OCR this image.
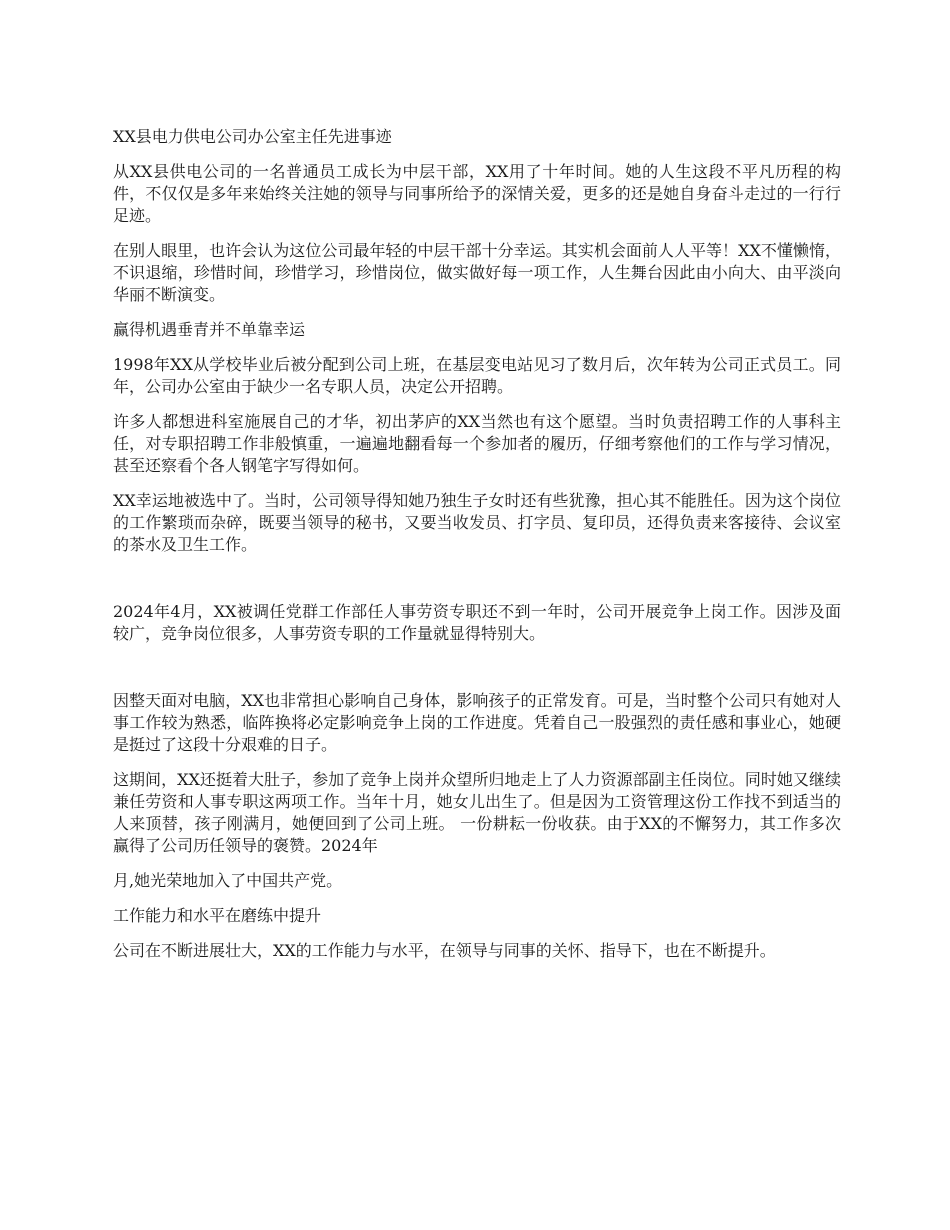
XX县电力供电公司办公室主任先进事迹

从XX县供电公司的一名普通员工成长为中层干部，XX用了十年时间。她的人生这段不平凡历程的构件，不仅仅是多年来始终关注她的领导与同事所给予的深情关爱，更多的还是她自身奋斗走过的一行行足迹。

在别人眼里，也许会认为这位公司最年轻的中层干部十分幸运。其实机会面前人人平等！XX不懂懒惰，不识退缩，珍惜时间，珍惜学习，珍惜岗位，做实做好每一项工作，人生舞台因此由小向大、由平淡向华丽不断演变。

赢得机遇垂青并不单靠幸运

1998年XX从学校毕业后被分配到公司上班，在基层变电站见习了数月后，次年转为公司正式员工。同年，公司办公室由于缺少一名专职人员，决定公开招聘。

许多人都想进科室施展自己的才华，初出茅庐的XX当然也有这个愿望。当时负责招聘工作的人事科主任，对专职招聘工作非般慎重，一遍遍地翻看每一个参加者的履历，仔细考察他们的工作与学习情况，甚至还察看个各人钢笔字写得如何。

XX幸运地被选中了。当时，公司领导得知她乃独生子女时还有些犹豫，担心其不能胜任。因为这个岗位的工作繁琐而杂碎，既要当领导的秘书，又要当收发员、打字员、复印员，还得负责来客接待、会议室的茶水及卫生工作。

2024年4月，XX被调任党群工作部任人事劳资专职还不到一年时，公司开展竞争上岗工作。因涉及面较广，竞争岗位很多，人事劳资专职的工作量就显得特别大。

因整天面对电脑，XX也非常担心影响自己身体，影响孩子的正常发育。可是，当时整个公司只有她对人事工作较为熟悉，临阵换将必定影响竞争上岗的工作进度。凭着自己一股强烈的责任感和事业心，她硬是挺过了这段十分艰难的日子。

这期间，XX还挺着大肚子，参加了竞争上岗并众望所归地走上了人力资源部副主任岗位。同时她又继续兼任劳资和人事专职这两项工作。当年十月，她女儿出生了。但是因为工资管理这份工作找不到适当的人来顶替，孩子刚满月，她便回到了公司上班。 一份耕耘一份收获。由于XX的不懈努力，其工作多次赢得了公司历任领导的褒赞。2024年

月,她光荣地加入了中国共产党。

工作能力和水平在磨练中提升

公司在不断进展壮大，XX的工作能力与水平，在领导与同事的关怀、指导下，也在不断提升。
